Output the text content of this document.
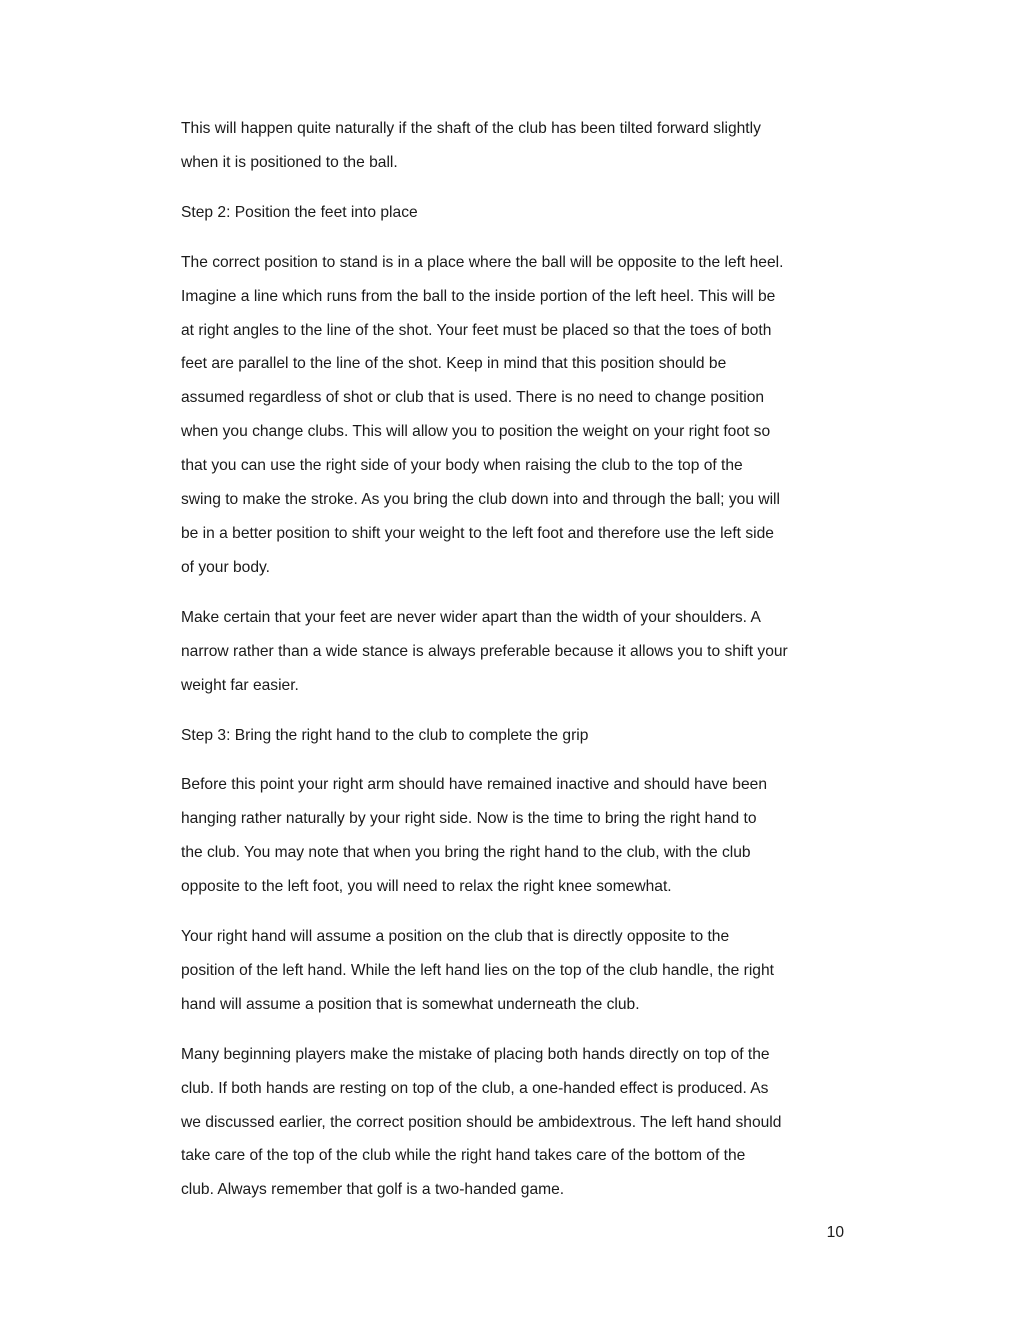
This will happen quite naturally if the shaft of the club has been tilted forward slightly
when it is positioned to the ball.

Step 2: Position the feet into place

The correct position to stand is in a place where the ball will be opposite to the left heel.
Imagine a line which runs from the ball to the inside portion of the left heel. This will be
at right angles to the line of the shot. Your feet must be placed so that the toes of both
feet are parallel to the line of the shot. Keep in mind that this position should be
assumed regardless of shot or club that is used. There is no need to change position
when you change clubs. This will allow you to position the weight on your right foot so
that you can use the right side of your body when raising the club to the top of the
swing to make the stroke. As you bring the club down into and through the ball; you will
be in a better position to shift your weight to the left foot and therefore use the left side
of your body.

Make certain that your feet are never wider apart than the width of your shoulders. A
narrow rather than a wide stance is always preferable because it allows you to shift your
weight far easier.

Step 3: Bring the right hand to the club to complete the grip

Before this point your right arm should have remained inactive and should have been
hanging rather naturally by your right side. Now is the time to bring the right hand to
the club. You may note that when you bring the right hand to the club, with the club
opposite to the left foot, you will need to relax the right knee somewhat.

Your right hand will assume a position on the club that is directly opposite to the
position of the left hand. While the left hand lies on the top of the club handle, the right
hand will assume a position that is somewhat underneath the club.

Many beginning players make the mistake of placing both hands directly on top of the
club. If both hands are resting on top of the club, a one-handed effect is produced. As
we discussed earlier, the correct position should be ambidextrous. The left hand should
take care of the top of the club while the right hand takes care of the bottom of the
club. Always remember that golf is a two-handed game.

10
